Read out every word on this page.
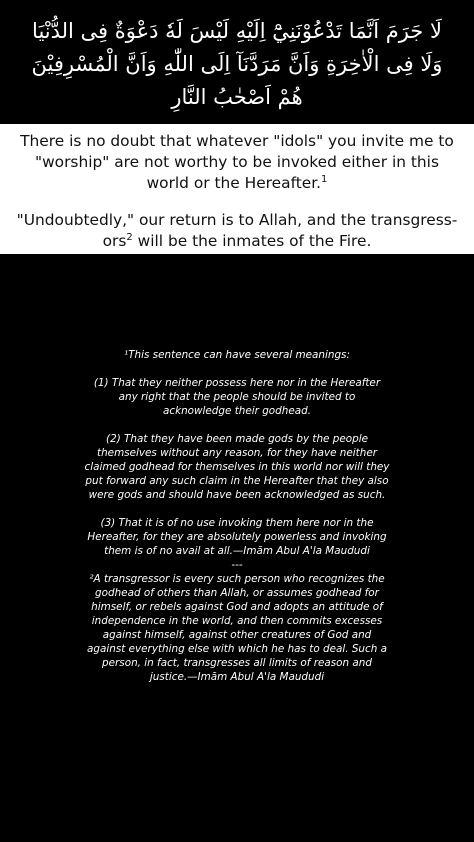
لَا جَرَمَ اَنَّمَا تَدْعُوْنَنِيْٓ اِلَيْهِ لَيْسَ لَهٗ دَعْوَةٌ فِى الدُّنْيَا وَلَا فِى الْاٰخِرَةِ وَاَنَّ مَرَدَّنَآ اِلَى اللّٰهِ وَاَنَّ الْمُسْرِفِيْنَ هُمْ اَصْحٰبُ النَّارِ

There is no doubt that whatever "idols" you invite me to "worship" are not worthy to be invoked either in this world or the Hereafter.$^1$

"Undoubtedly," our return is to Allah, and the transgressors$^2$ will be the inmates of the Fire.

¹This sentence can have several meanings:

(1) That they neither possess here nor in the Hereafter any right that the people should be invited to acknowledge their godhead.

(2) That they have been made gods by the people themselves without any reason, for they have neither claimed godhead for themselves in this world nor will they put forward any such claim in the Hereafter that they also were gods and should have been acknowledged as such.

(3) That it is of no use invoking them here nor in the Hereafter, for they are absolutely powerless and invoking them is of no avail at all.—Imām Abul A'la Maududi

---

²A transgressor is every such person who recognizes the godhead of others than Allah, or assumes godhead for himself, or rebels against God and adopts an attitude of independence in the world, and then commits excesses against himself, against other creatures of God and against everything else with which he has to deal. Such a person, in fact, transgresses all limits of reason and justice.—Imām Abul A'la Maududi
